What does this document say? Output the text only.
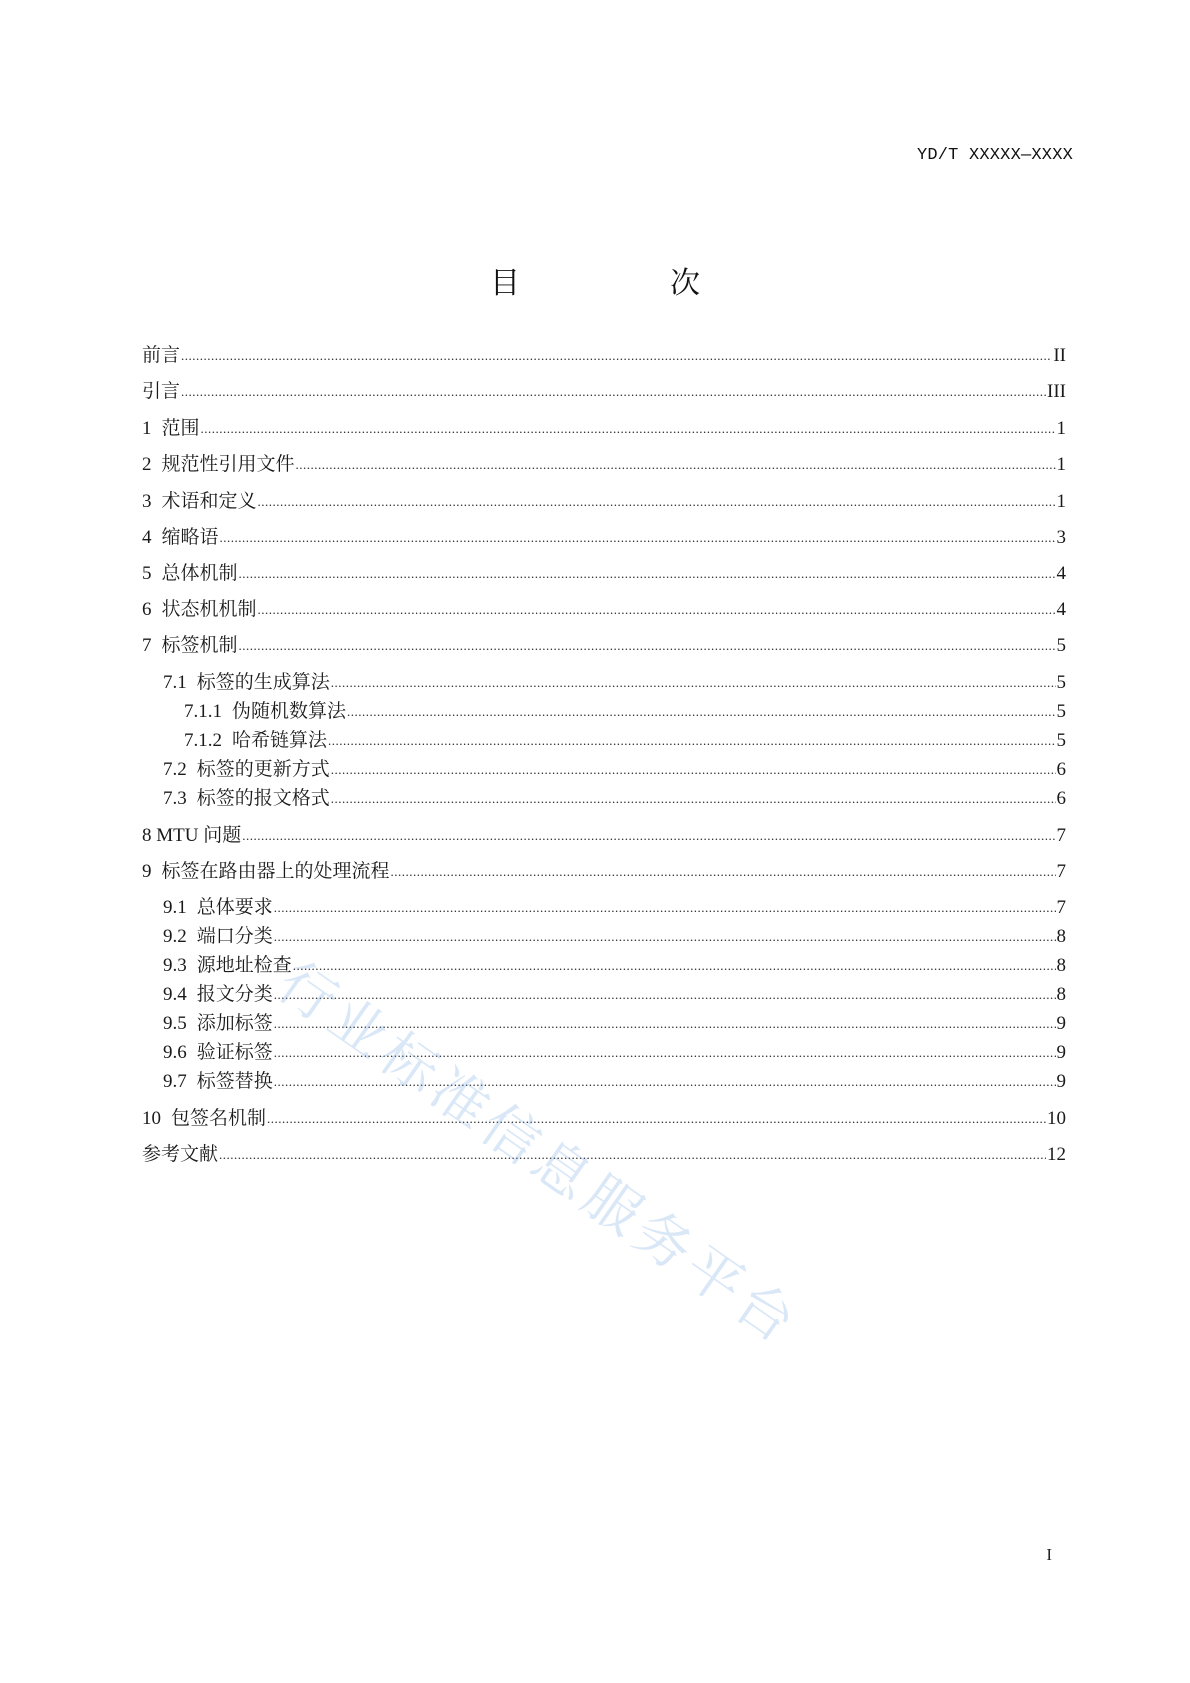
YD/T XXXXX—XXXX
目　次
前言 .....	II
引言 .....	III
1 范围 .....	1
2 规范性引用文件 .....	1
3 术语和定义 .....	1
4 缩略语 .....	3
5 总体机制 .....	4
6 状态机机制 .....	4
7 标签机制 .....	5
7.1 标签的生成算法 .....	5
7.1.1 伪随机数算法 .....	5
7.1.2 哈希链算法 .....	5
7.2 标签的更新方式 .....	6
7.3 标签的报文格式 .....	6
8 MTU 问题 .....	7
9 标签在路由器上的处理流程 .....	7
9.1 总体要求 .....	7
9.2 端口分类 .....	8
9.3 源地址检查 .....	8
9.4 报文分类 .....	8
9.5 添加标签 .....	9
9.6 验证标签 .....	9
9.7 标签替换 .....	9
10 包签名机制 .....	10
参考文献 .....	12
行业标准信息服务平台
I
